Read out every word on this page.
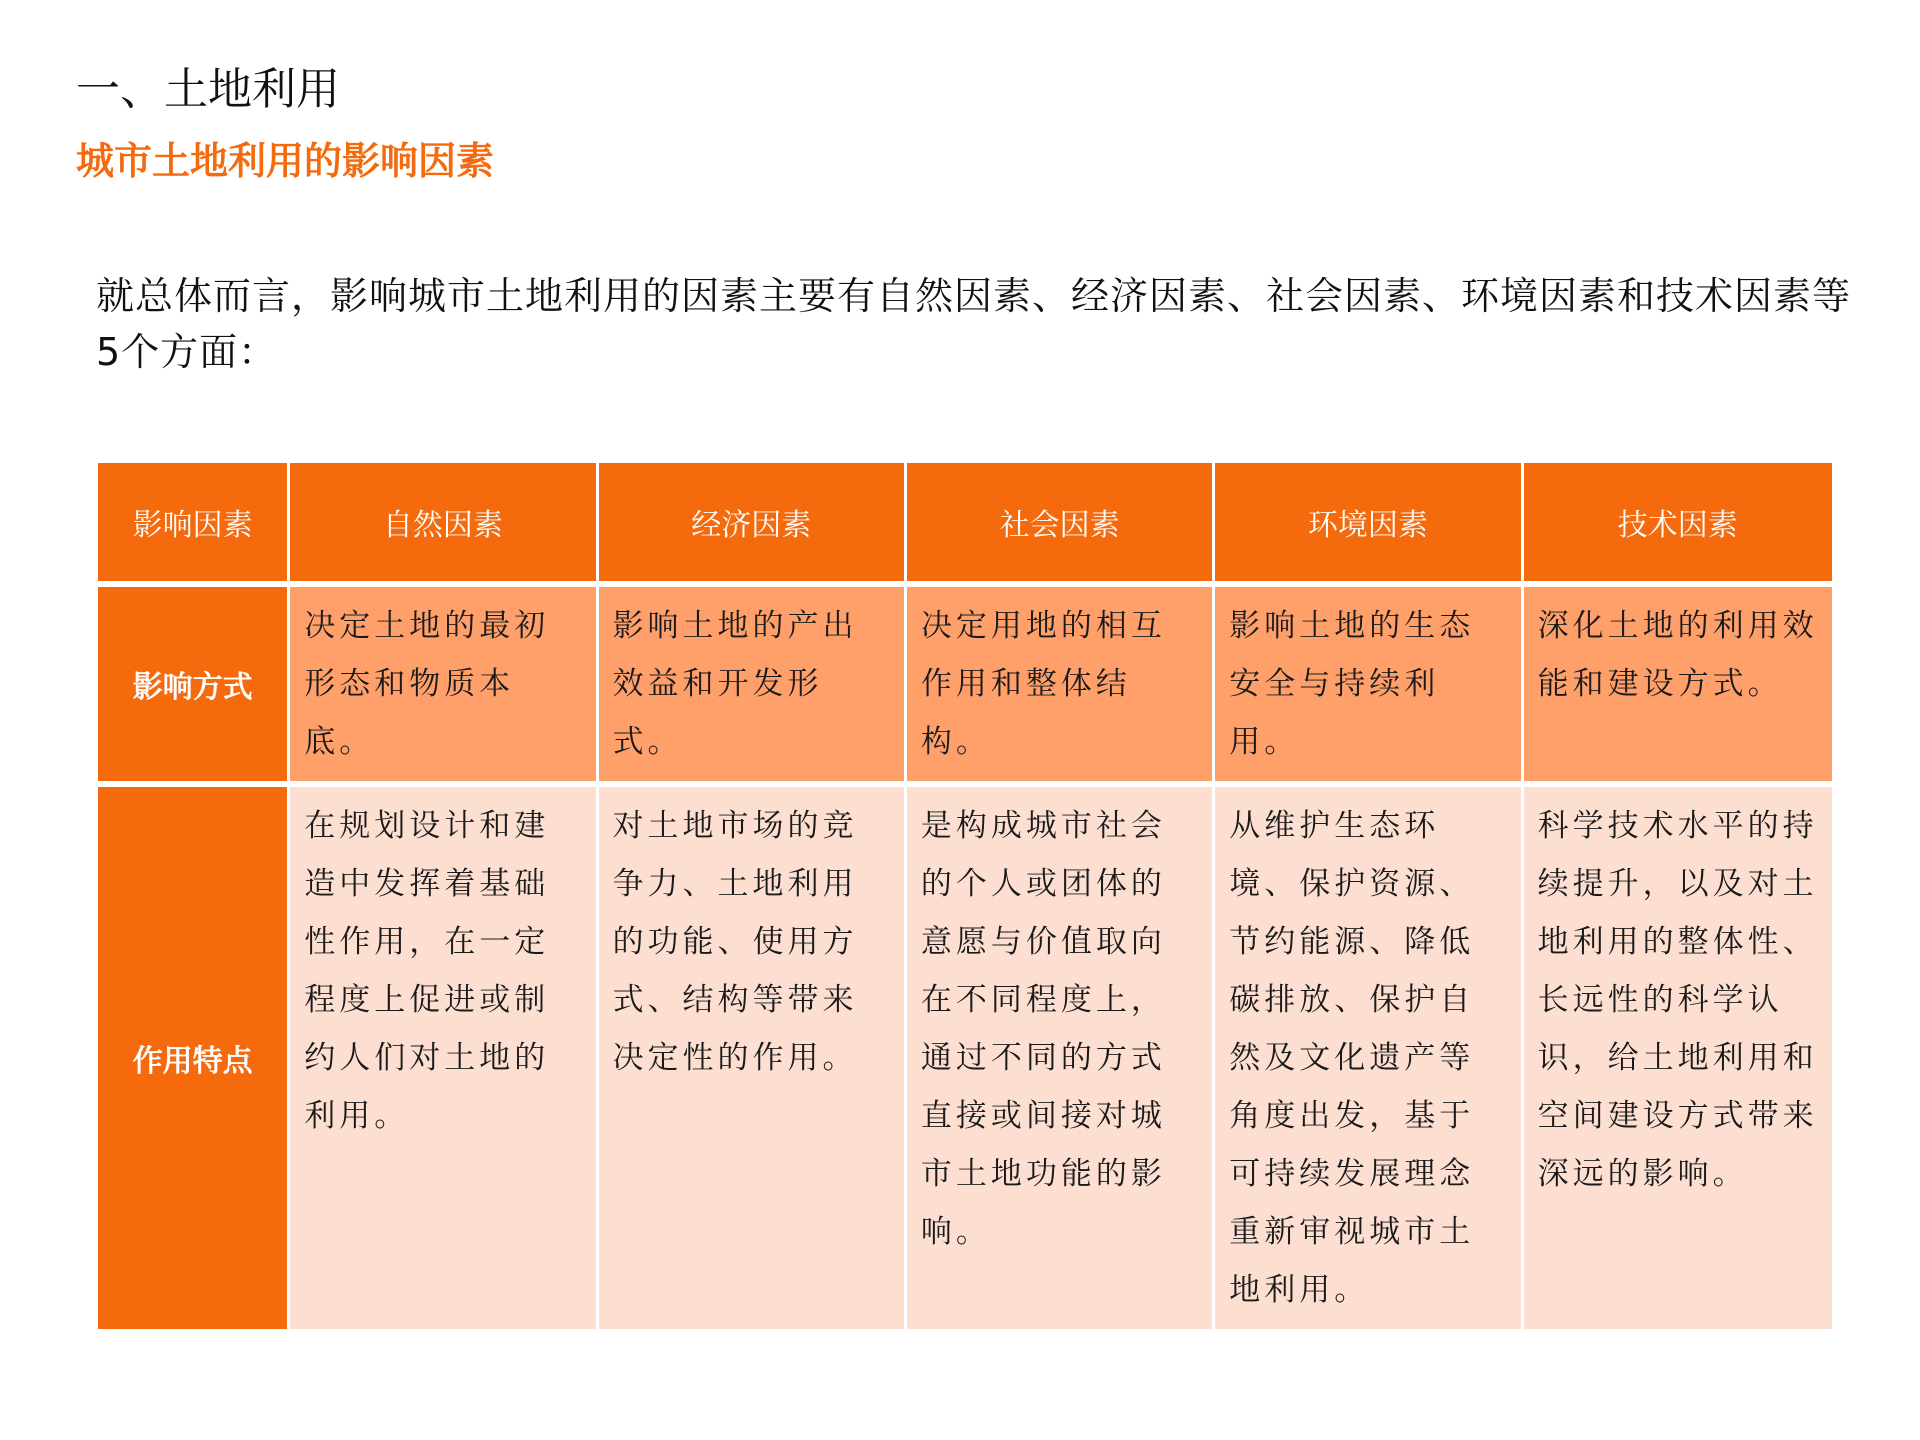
一、土地利用
城市土地利用的影响因素

就总体而言，影响城市土地利用的因素主要有自然因素、经济因素、社会因素、环境因素和技术因素等5个方面：

影响因素	自然因素	经济因素	社会因素	环境因素	技术因素
影响方式	决定土地的最初形态和物质本底。	影响土地的产出效益和开发形式。	决定用地的相互作用和整体结构。	影响土地的生态安全与持续利用。	深化土地的利用效能和建设方式。
作用特点	在规划设计和建造中发挥着基础性作用，在一定程度上促进或制约人们对土地的利用。	对土地市场的竞争力、土地利用的功能、使用方式、结构等带来决定性的作用。	是构成城市社会的个人或团体的意愿与价值取向在不同程度上，通过不同的方式直接或间接对城市土地功能的影响。	从维护生态环境、保护资源、节约能源、降低碳排放、保护自然及文化遗产等角度出发，基于可持续发展理念重新审视城市土地利用。	科学技术水平的持续提升，以及对土地利用的整体性、长远性的科学认识，给土地利用和空间建设方式带来深远的影响。
